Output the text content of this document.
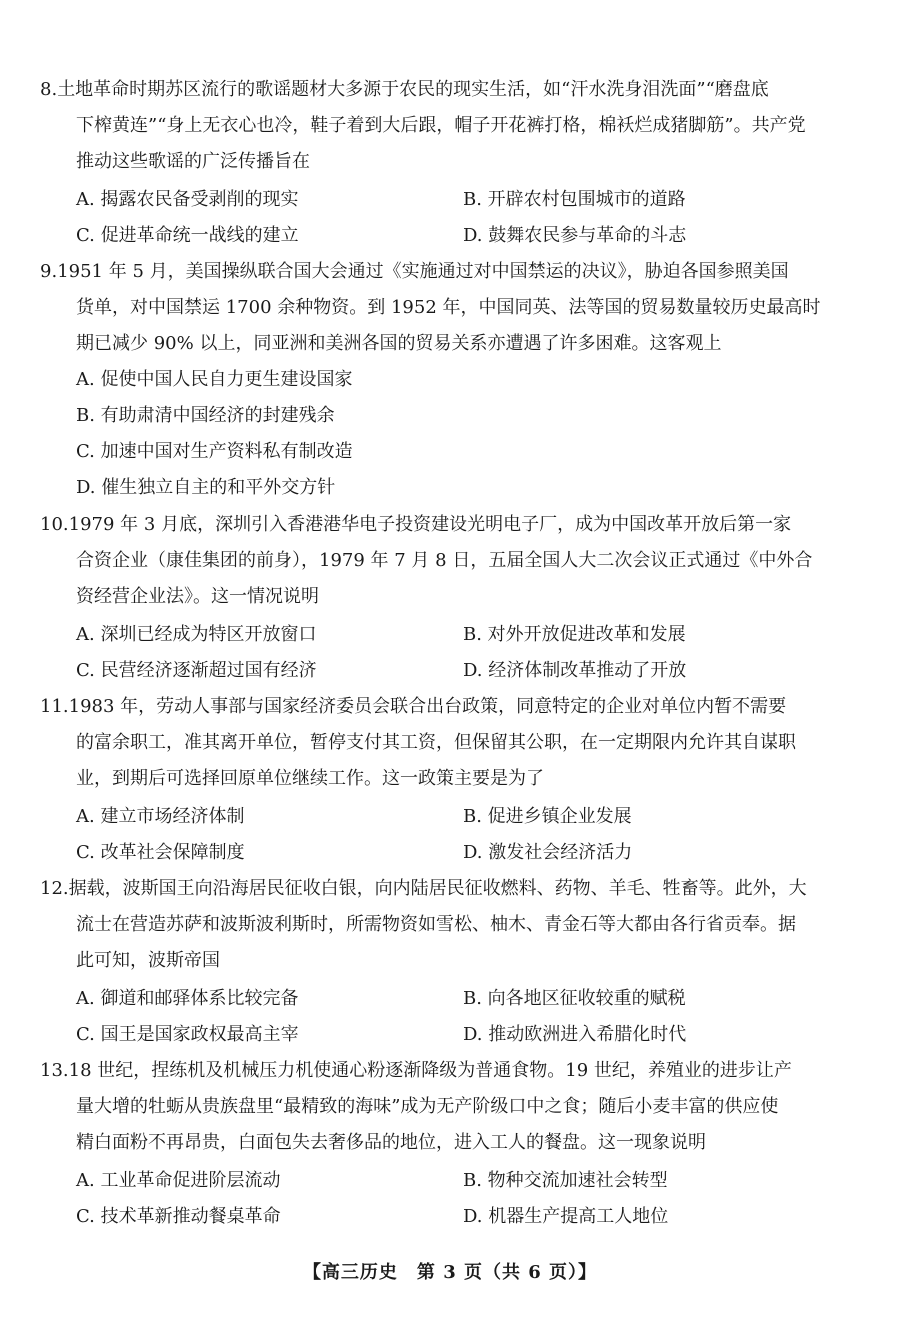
8.土地革命时期苏区流行的歌谣题材大多源于农民的现实生活，如“汗水洗身泪洗面”“磨盘底

下榨黄连”“身上无衣心也冷，鞋子着到大后跟，帽子开花裤打格，棉袄烂成猪脚筋”。共产党

推动这些歌谣的广泛传播旨在

A. 揭露农民备受剥削的现实	B. 开辟农村包围城市的道路
C. 促进革命统一战线的建立	D. 鼓舞农民参与革命的斗志

9.1951 年 5 月，美国操纵联合国大会通过《实施通过对中国禁运的决议》，胁迫各国参照美国

货单，对中国禁运 1700 余种物资。到 1952 年，中国同英、法等国的贸易数量较历史最高时

期已减少 90% 以上，同亚洲和美洲各国的贸易关系亦遭遇了许多困难。这客观上

A. 促使中国人民自力更生建设国家
B. 有助肃清中国经济的封建残余
C. 加速中国对生产资料私有制改造
D. 催生独立自主的和平外交方针

10.1979 年 3 月底，深圳引入香港港华电子投资建设光明电子厂，成为中国改革开放后第一家

合资企业（康佳集团的前身），1979 年 7 月 8 日，五届全国人大二次会议正式通过《中外合

资经营企业法》。这一情况说明

A. 深圳已经成为特区开放窗口	B. 对外开放促进改革和发展
C. 民营经济逐渐超过国有经济	D. 经济体制改革推动了开放

11.1983 年，劳动人事部与国家经济委员会联合出台政策，同意特定的企业对单位内暂不需要

的富余职工，准其离开单位，暂停支付其工资，但保留其公职，在一定期限内允许其自谋职

业，到期后可选择回原单位继续工作。这一政策主要是为了

A. 建立市场经济体制	B. 促进乡镇企业发展
C. 改革社会保障制度	D. 激发社会经济活力

12.据载，波斯国王向沿海居民征收白银，向内陆居民征收燃料、药物、羊毛、牲畜等。此外，大

流士在营造苏萨和波斯波利斯时，所需物资如雪松、柚木、青金石等大都由各行省贡奉。据

此可知，波斯帝国

A. 御道和邮驿体系比较完备	B. 向各地区征收较重的赋税
C. 国王是国家政权最高主宰	D. 推动欧洲进入希腊化时代

13.18 世纪，捏练机及机械压力机使通心粉逐渐降级为普通食物。19 世纪，养殖业的进步让产

量大增的牡蛎从贵族盘里“最精致的海味”成为无产阶级口中之食；随后小麦丰富的供应使

精白面粉不再昂贵，白面包失去奢侈品的地位，进入工人的餐盘。这一现象说明

A. 工业革命促进阶层流动	B. 物种交流加速社会转型
C. 技术革新推动餐桌革命	D. 机器生产提高工人地位
【高三历史　第 3 页（共 6 页）】
